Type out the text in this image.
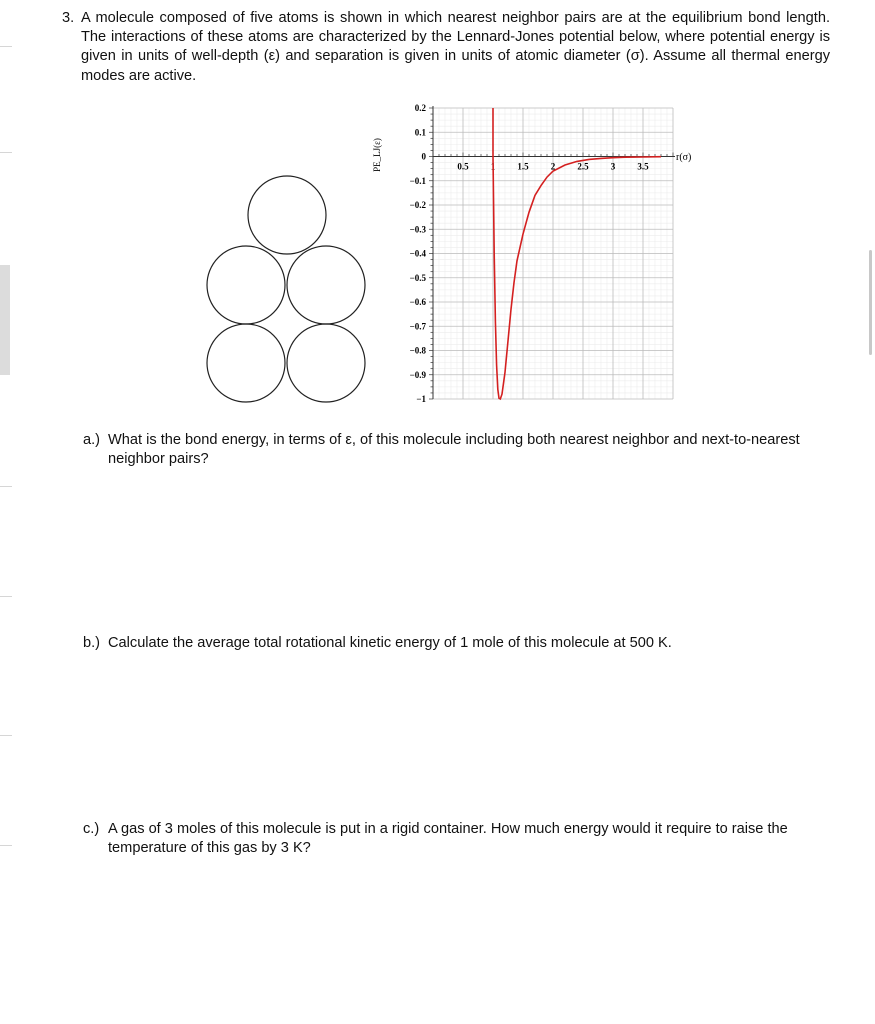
3. A molecule composed of five atoms is shown in which nearest neighbor pairs are at the equilibrium bond length. The interactions of these atoms are characterized by the Lennard-Jones potential below, where potential energy is given in units of well-depth (ε) and separation is given in units of atomic diameter (σ). Assume all thermal energy modes are active.
0.2
0.1
0
−0.1
−0.2
−0.3
−0.4
−0.5
−0.6
−0.7
−0.8
−0.9
−1
0.5 1 1.5 2 2.5 3 3.5
PE_LJ(ε)	r(σ)
a.) What is the bond energy, in terms of ε, of this molecule including both nearest neighbor and next-to-nearest neighbor pairs?
b.) Calculate the average total rotational kinetic energy of 1 mole of this molecule at 500 K.
c.) A gas of 3 moles of this molecule is put in a rigid container. How much energy would it require to raise the temperature of this gas by 3 K?
